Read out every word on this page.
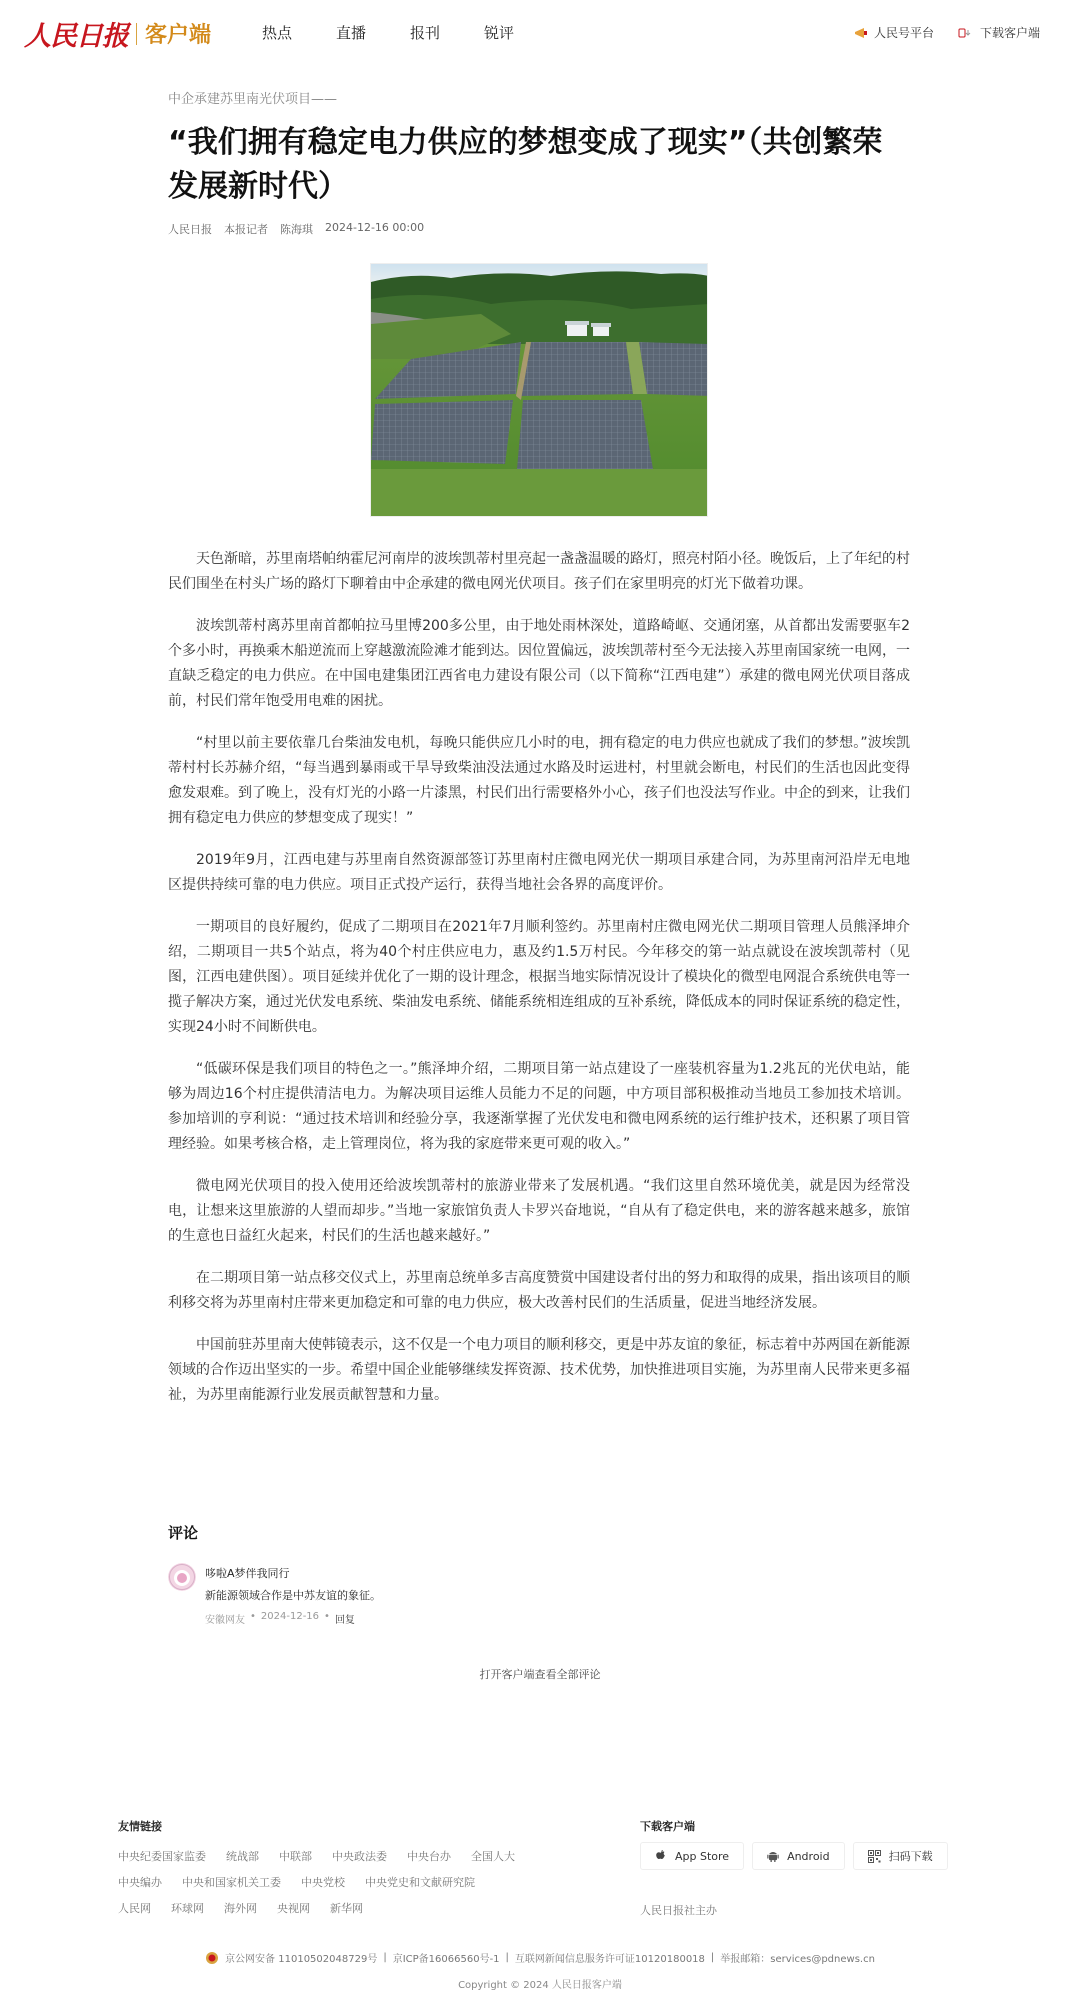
人民日报 客户端	热点	直播	报刊	锐评	人民号平台	下载客户端
中企承建苏里南光伏项目——
“我们拥有稳定电力供应的梦想变成了现实”（共创繁荣发展新时代）
人民日报 本报记者 陈海琪 2024-12-16 00:00

天色渐暗，苏里南塔帕纳霍尼河南岸的波埃凯蒂村里亮起一盏盏温暖的路灯，照亮村陌小径。晚饭后，上了年纪的村民们围坐在村头广场的路灯下聊着由中企承建的微电网光伏项目。孩子们在家里明亮的灯光下做着功课。

波埃凯蒂村离苏里南首都帕拉马里博200多公里，由于地处雨林深处，道路崎岖、交通闭塞，从首都出发需要驱车2个多小时，再换乘木船逆流而上穿越激流险滩才能到达。因位置偏远，波埃凯蒂村至今无法接入苏里南国家统一电网，一直缺乏稳定的电力供应。在中国电建集团江西省电力建设有限公司（以下简称“江西电建”）承建的微电网光伏项目落成前，村民们常年饱受用电难的困扰。

“村里以前主要依靠几台柴油发电机，每晚只能供应几小时的电，拥有稳定的电力供应也就成了我们的梦想。”波埃凯蒂村村长苏赫介绍，“每当遇到暴雨或干旱导致柴油没法通过水路及时运进村，村里就会断电，村民们的生活也因此变得愈发艰难。到了晚上，没有灯光的小路一片漆黑，村民们出行需要格外小心，孩子们也没法写作业。中企的到来，让我们拥有稳定电力供应的梦想变成了现实！”

2019年9月，江西电建与苏里南自然资源部签订苏里南村庄微电网光伏一期项目承建合同，为苏里南河沿岸无电地区提供持续可靠的电力供应。项目正式投产运行，获得当地社会各界的高度评价。

一期项目的良好履约，促成了二期项目在2021年7月顺利签约。苏里南村庄微电网光伏二期项目管理人员熊泽坤介绍，二期项目一共5个站点，将为40个村庄供应电力，惠及约1.5万村民。今年移交的第一站点就设在波埃凯蒂村（见图，江西电建供图）。项目延续并优化了一期的设计理念，根据当地实际情况设计了模块化的微型电网混合系统供电等一揽子解决方案，通过光伏发电系统、柴油发电系统、储能系统相连组成的互补系统，降低成本的同时保证系统的稳定性，实现24小时不间断供电。

“低碳环保是我们项目的特色之一。”熊泽坤介绍，二期项目第一站点建设了一座装机容量为1.2兆瓦的光伏电站，能够为周边16个村庄提供清洁电力。为解决项目运维人员能力不足的问题，中方项目部积极推动当地员工参加技术培训。参加培训的亨利说：“通过技术培训和经验分享，我逐渐掌握了光伏发电和微电网系统的运行维护技术，还积累了项目管理经验。如果考核合格，走上管理岗位，将为我的家庭带来更可观的收入。”

微电网光伏项目的投入使用还给波埃凯蒂村的旅游业带来了发展机遇。“我们这里自然环境优美，就是因为经常没电，让想来这里旅游的人望而却步。”当地一家旅馆负责人卡罗兴奋地说，“自从有了稳定供电，来的游客越来越多，旅馆的生意也日益红火起来，村民们的生活也越来越好。”

在二期项目第一站点移交仪式上，苏里南总统单多吉高度赞赏中国建设者付出的努力和取得的成果，指出该项目的顺利移交将为苏里南村庄带来更加稳定和可靠的电力供应，极大改善村民们的生活质量，促进当地经济发展。

中国前驻苏里南大使韩镜表示，这不仅是一个电力项目的顺利移交，更是中苏友谊的象征，标志着中苏两国在新能源领域的合作迈出坚实的一步。希望中国企业能够继续发挥资源、技术优势，加快推进项目实施，为苏里南人民带来更多福祉，为苏里南能源行业发展贡献智慧和力量。

评论
哆啦A梦伴我同行
新能源领域合作是中苏友谊的象征。
安徽网友 • 2024-12-16 • 回复
打开客户端查看全部评论
友情链接
中央纪委国家监委 统战部 中联部 中央政法委 中央台办 全国人大
中央编办 中央和国家机关工委 中央党校 中央党史和文献研究院
人民网 环球网 海外网 央视网 新华网
下载客户端
App Store	Android	扫码下载
人民日报社主办
京公网安备 11010502048729号 | 京ICP备16066560号-1 | 互联网新闻信息服务许可证10120180018 | 举报邮箱：services@pdnews.cn
Copyright © 2024 人民日报客户端
